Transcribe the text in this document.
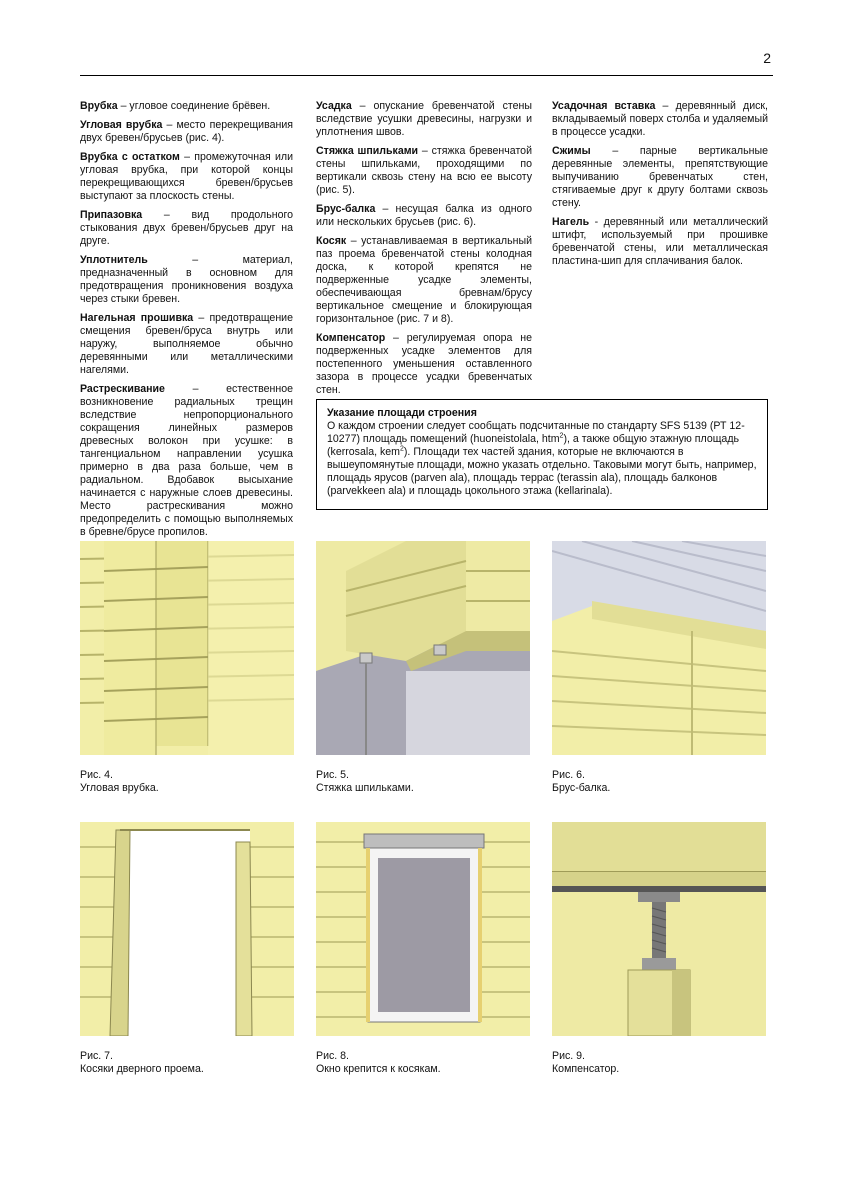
2

Врубка – угловое соединение брёвен.

Угловая врубка – место перекрещивания двух бревен/брусьев (рис. 4).

Врубка с остатком – промежуточная или угловая врубка, при которой концы перекрещивающихся бревен/брусьев выступают за плоскость стены.

Припазовка – вид продольного стыкования двух бревен/брусьев друг на друге.

Уплотнитель – материал, предназначенный в основном для предотвращения проникновения воздуха через стыки бревен.

Нагельная прошивка – предотвращение смещения бревен/бруса внутрь или наружу, выполняемое обычно деревянными или металлическими нагелями.

Растрескивание – естественное возникновение радиальных трещин вследствие непропорционального сокращения линейных размеров древесных волокон при усушке: в тангенциальном направлении усушка примерно в два раза больше, чем в радиальном. Вдобавок высыхание начинается с наружные слоев древесины. Место растрескивания можно предопределить с помощью выполняемых в бревне/брусе пропилов.

Усадка – опускание бревенчатой стены вследствие усушки древесины, нагрузки и уплотнения швов.

Стяжка шпильками – стяжка бревенчатой стены шпильками, проходящими по вертикали сквозь стену на всю ее высоту (рис. 5).

Брус-балка – несущая балка из одного или нескольких брусьев (рис. 6).

Косяк – устанавливаемая в вертикальный паз проема бревенчатой стены колодная доска, к которой крепятся не подверженные усадке элементы, обеспечивающая бревнам/брусу вертикальное смещение и блокирующая горизонтальное (рис. 7 и 8).

Компенсатор – регулируемая опора не подверженных усадке элементов для постепенного уменьшения оставленного зазора в процессе усадки бревенчатых стен.

Усадочная вставка – деревянный диск, вкладываемый поверх столба и удаляемый в процессе усадки.

Сжимы – парные вертикальные деревянные элементы, препятствующие выпучиванию бревенчатых стен, стягиваемые друг к другу болтами сквозь стену.

Нагель - деревянный или металлический штифт, используемый при прошивке бревенчатой стены, или металлическая пластина-шип для сплачивания балок.

Указание площади строения
О каждом строении следует сообщать подсчитанные по стандарту SFS 5139 (РТ 12-10277) площадь помещений (huoneistolala, htm$^2$), а также общую этажную площадь (kerrosala, kem$^2$). Площади тех частей здания, которые не включаются в вышеупомянутые площади, можно указать отдельно. Таковыми могут быть, например, площадь ярусов (parven ala), площадь террас (terassin ala), площадь балконов (parvekkeen ala) и площадь цокольного этажа (kellarinala).
Рис. 4.
Угловая врубка.
Рис. 5.
Стяжка шпильками.
Рис. 6.
Брус-балка.
Рис. 7.
Косяки дверного проема.
Рис. 8.
Окно крепится к косякам.
Рис. 9.
Компенсатор.
